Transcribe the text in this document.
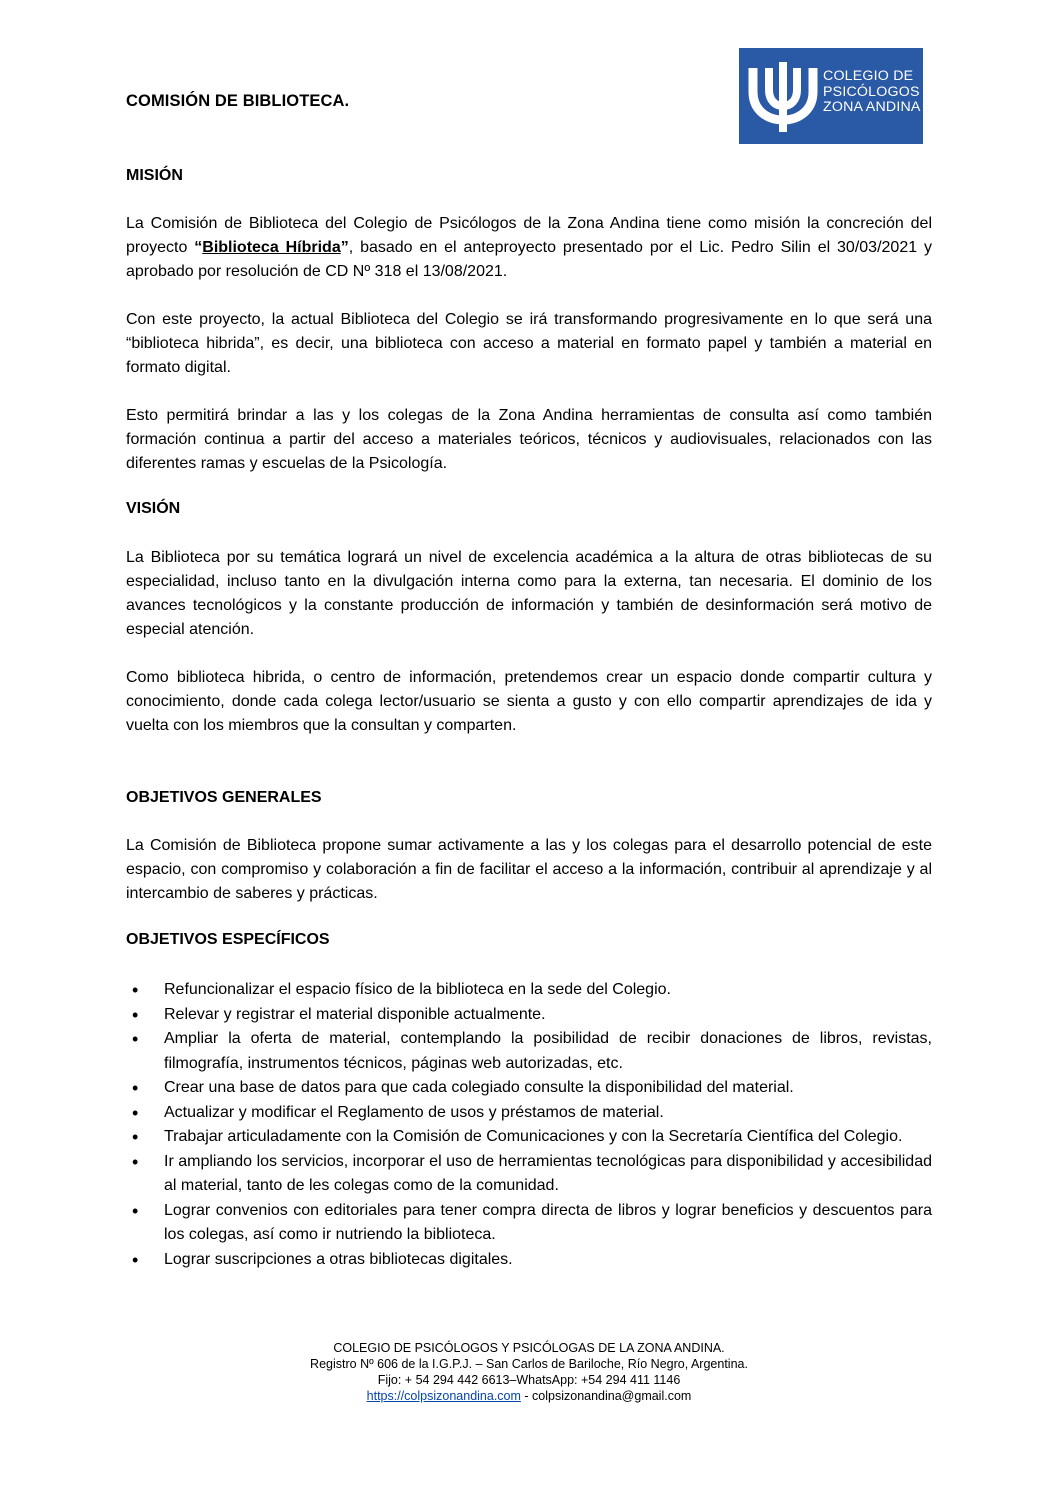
COMISIÓN DE BIBLIOTECA.
COLEGIO DE
PSICÓLOGOS
ZONA ANDINA

MISIÓN

La Comisión de Biblioteca del Colegio de Psicólogos de la Zona Andina tiene como misión la concreción del proyecto “Biblioteca Híbrida”, basado en el anteproyecto presentado por el Lic. Pedro Silin el 30/03/2021 y aprobado por resolución de CD Nº 318 el 13/08/2021.

Con este proyecto, la actual Biblioteca del Colegio se irá transformando progresivamente en lo que será una “biblioteca hibrida”, es decir, una biblioteca con acceso a material en formato papel y también a material en formato digital.

Esto permitirá brindar a las y los colegas de la Zona Andina herramientas de consulta así como también formación continua a partir del acceso a materiales teóricos, técnicos y audiovisuales, relacionados con las diferentes ramas y escuelas de la Psicología.

VISIÓN

La Biblioteca por su temática logrará un nivel de excelencia académica a la altura de otras bibliotecas de su especialidad, incluso tanto en la divulgación interna como para la externa, tan necesaria. El dominio de los avances tecnológicos y la constante producción de información y también de desinformación será motivo de especial atención.

Como biblioteca hibrida, o centro de información, pretendemos crear un espacio donde compartir cultura y conocimiento, donde cada colega lector/usuario se sienta a gusto y con ello compartir aprendizajes de ida y vuelta con los miembros que la consultan y comparten.

OBJETIVOS GENERALES

La Comisión de Biblioteca propone sumar activamente a las y los colegas para el desarrollo potencial de este espacio, con compromiso y colaboración a fin de facilitar el acceso a la información, contribuir al aprendizaje y al intercambio de saberes y prácticas.

OBJETIVOS ESPECÍFICOS

• Refuncionalizar el espacio físico de la biblioteca en la sede del Colegio.
• Relevar y registrar el material disponible actualmente.
• Ampliar la oferta de material, contemplando la posibilidad de recibir donaciones de libros, revistas, filmografía, instrumentos técnicos, páginas web autorizadas, etc.
• Crear una base de datos para que cada colegiado consulte la disponibilidad del material.
• Actualizar y modificar el Reglamento de usos y préstamos de material.
• Trabajar articuladamente con la Comisión de Comunicaciones y con la Secretaría Científica del Colegio.
• Ir ampliando los servicios, incorporar el uso de herramientas tecnológicas para disponibilidad y accesibilidad al material, tanto de les colegas como de la comunidad.
• Lograr convenios con editoriales para tener compra directa de libros y lograr beneficios y descuentos para los colegas, así como ir nutriendo la biblioteca.
• Lograr suscripciones a otras bibliotecas digitales.
COLEGIO DE PSICÓLOGOS Y PSICÓLOGAS DE LA ZONA ANDINA.
Registro Nº 606 de la I.G.P.J. – San Carlos de Bariloche, Río Negro, Argentina.
Fijo: + 54 294 442 6613–WhatsApp: +54 294 411 1146
https://colpsizonandina.com - colpsizonandina@gmail.com
